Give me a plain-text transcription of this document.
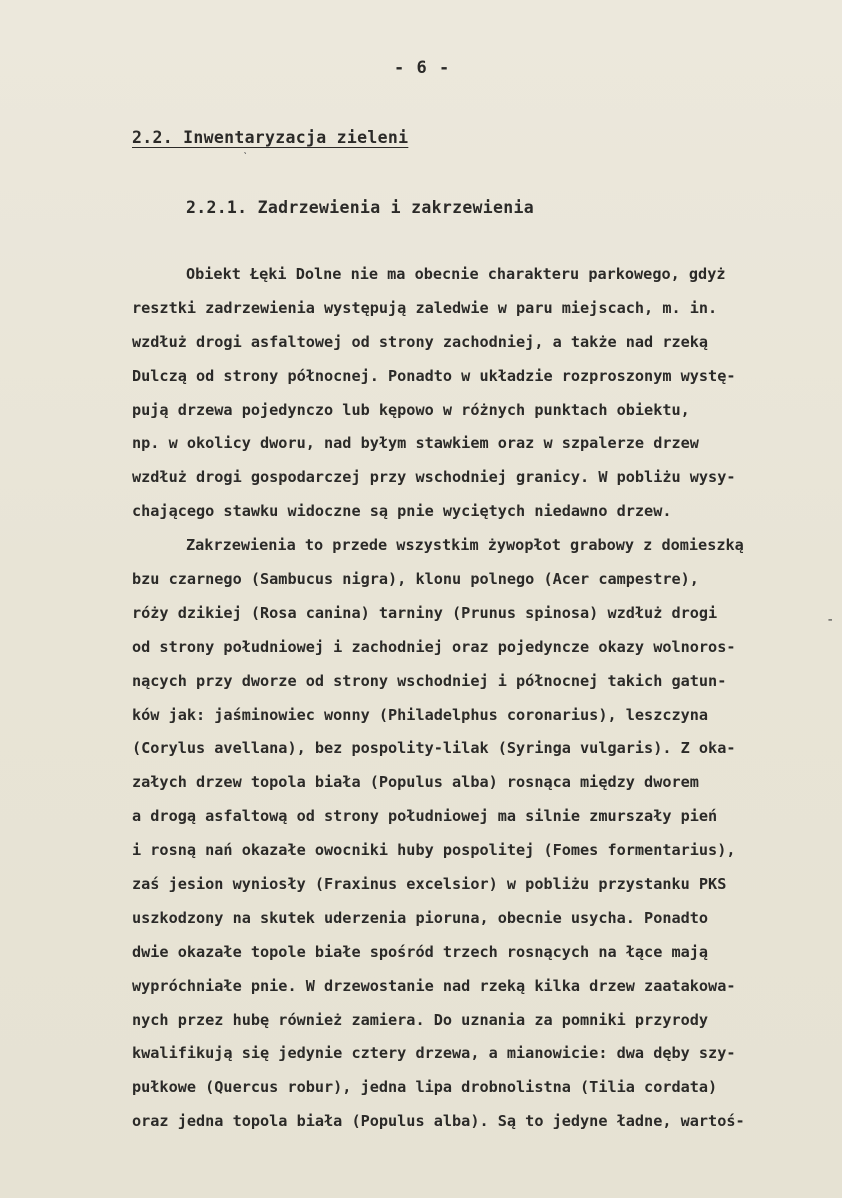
- 6 -
2.2. Inwentaryzacja zieleni
ˋ
2.2.1. Zadrzewienia i zakrzewienia
Obiekt Łęki Dolne nie ma obecnie charakteru parkowego, gdyż
resztki zadrzewienia występują zaledwie w paru miejscach, m. in.
wzdłuż drogi asfaltowej od strony zachodniej, a także nad rzeką
Dulczą od strony północnej. Ponadto w układzie rozproszonym wystę-
pują drzewa pojedynczo lub kępowo w różnych punktach obiektu,
np. w okolicy dworu, nad byłym stawkiem oraz w szpalerze drzew
wzdłuż drogi gospodarczej przy wschodniej granicy. W pobliżu wysy-
chającego stawku widoczne są pnie wyciętych niedawno drzew.
Zakrzewienia to przede wszystkim żywopłot grabowy z domieszką
bzu czarnego (Sambucus nigra), klonu polnego (Acer campestre),
róży dzikiej (Rosa canina) tarniny (Prunus spinosa) wzdłuż drogi
od strony południowej i zachodniej oraz pojedyncze okazy wolnoros-
nących przy dworze od strony wschodniej i północnej takich gatun-
ków jak: jaśminowiec wonny (Philadelphus coronarius), leszczyna
(Corylus avellana), bez pospolity-lilak (Syringa vulgaris). Z oka-
załych drzew topola biała (Populus alba) rosnąca między dworem
a drogą asfaltową od strony południowej ma silnie zmurszały pień
i rosną nań okazałe owocniki huby pospolitej (Fomes formentarius),
zaś jesion wyniosły (Fraxinus excelsior) w pobliżu przystanku PKS
uszkodzony na skutek uderzenia pioruna, obecnie usycha. Ponadto
dwie okazałe topole białe spośród trzech rosnących na łące mają
wypróchniałe pnie. W drzewostanie nad rzeką kilka drzew zaatakowa-
nych przez hubę również zamiera. Do uznania za pomniki przyrody
kwalifikują się jedynie cztery drzewa, a mianowicie: dwa dęby szy-
pułkowe (Quercus robur), jedna lipa drobnolistna (Tilia cordata)
oraz jedna topola biała (Populus alba). Są to jedyne ładne, wartoś-
-
